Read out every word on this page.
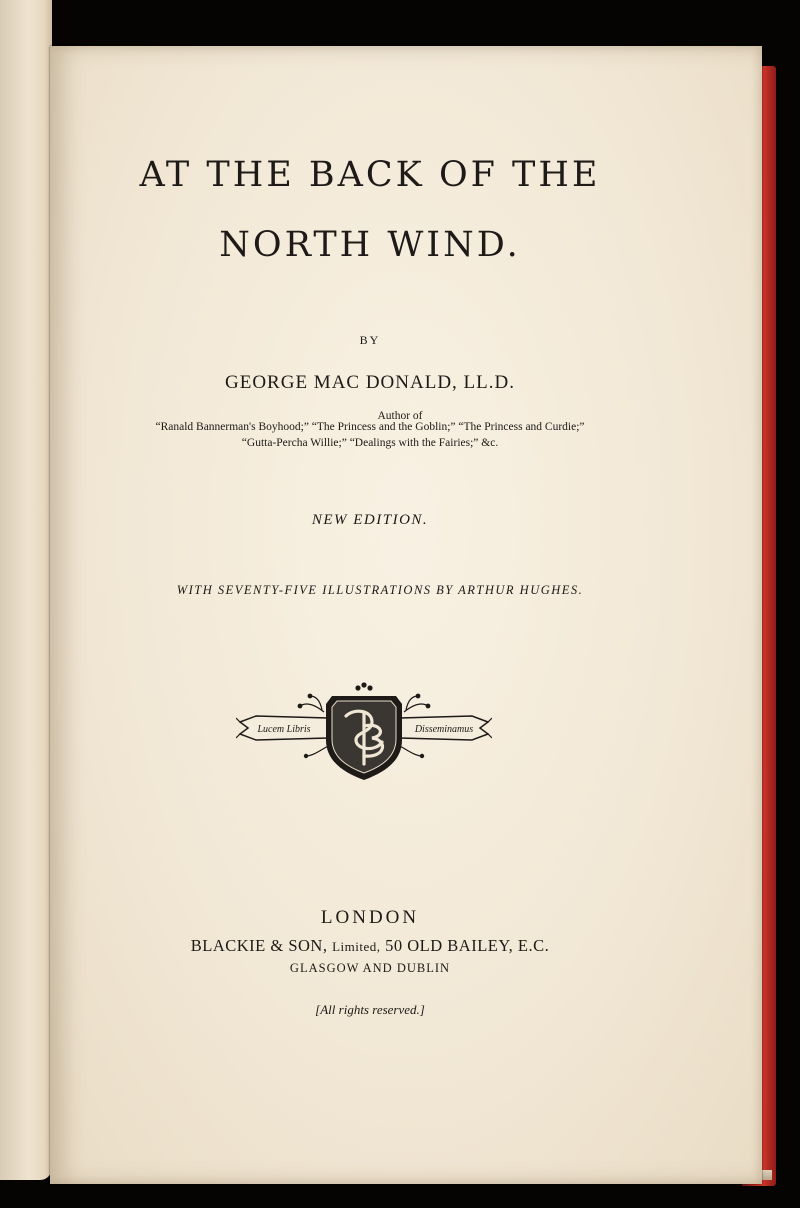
AT THE BACK OF THE
NORTH WIND.

BY

GEORGE MAC DONALD, LL.D.

Author of

“Ranald Bannerman's Boyhood;” “The Princess and the Goblin;” “The Princess and Curdie;”

“Gutta-Percha Willie;” “Dealings with the Fairies;” &c.

NEW EDITION.

WITH SEVENTY-FIVE ILLUSTRATIONS BY ARTHUR HUGHES.

Lucem Libris	Disseminamus

LONDON

BLACKIE & SON, Limited, 50 OLD BAILEY, E.C.

GLASGOW AND DUBLIN

[All rights reserved.]
